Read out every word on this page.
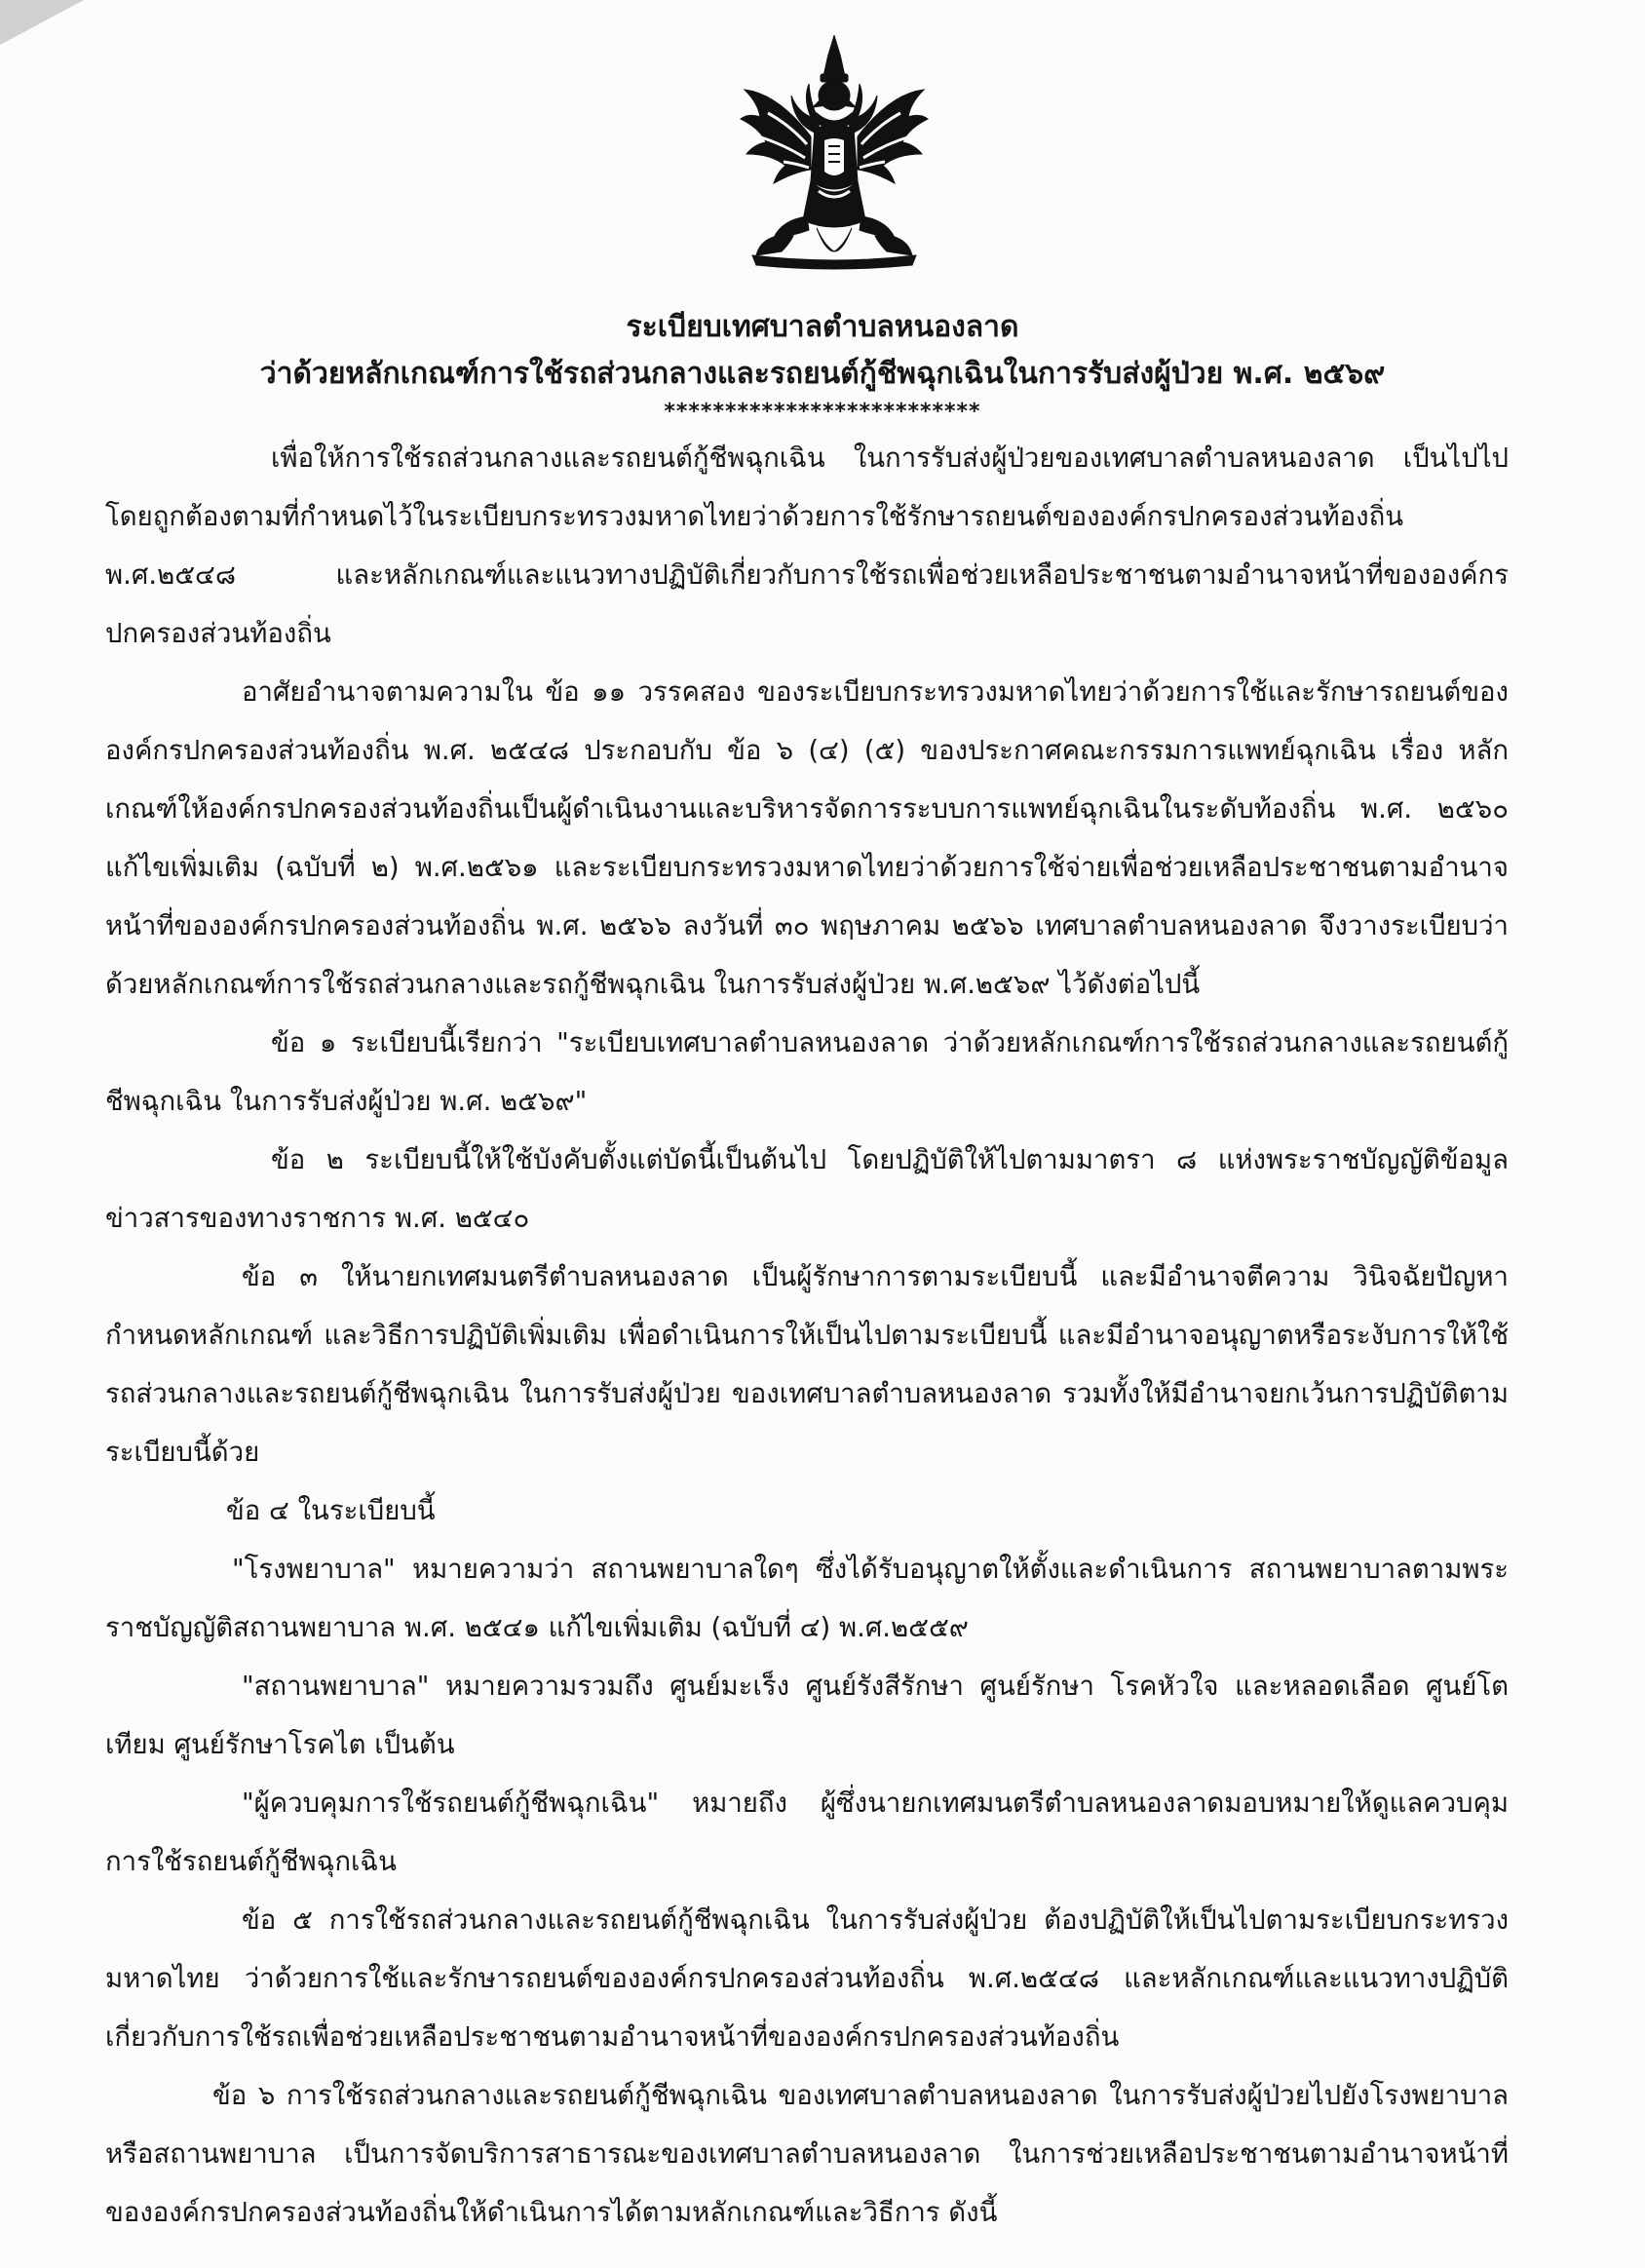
ระเบียบเทศบาลตำบลหนองลาด
ว่าด้วยหลักเกณฑ์การใช้รถส่วนกลางและรถยนต์กู้ชีพฉุกเฉินในการรับส่งผู้ป่วย พ.ศ. ๒๕๖๙
**************************

เพื่อให้การใช้รถส่วนกลางและรถยนต์กู้ชีพฉุกเฉิน ในการรับส่งผู้ป่วยของเทศบาลตำบลหนองลาด เป็นไปไปโดยถูกต้องตามที่กำหนดไว้ในระเบียบกระทรวงมหาดไทยว่าด้วยการใช้รักษารถยนต์ขององค์กรปกครองส่วนท้องถิ่น พ.ศ.๒๕๔๘ และหลักเกณฑ์และแนวทางปฏิบัติเกี่ยวกับการใช้รถเพื่อช่วยเหลือประชาชนตามอำนาจหน้าที่ขององค์กรปกครองส่วนท้องถิ่น

อาศัยอำนาจตามความใน ข้อ ๑๑ วรรคสอง ของระเบียบกระทรวงมหาดไทยว่าด้วยการใช้และรักษารถยนต์ขององค์กรปกครองส่วนท้องถิ่น พ.ศ. ๒๕๔๘ ประกอบกับ ข้อ ๖ (๔) (๕) ของประกาศคณะกรรมการแพทย์ฉุกเฉิน เรื่อง หลักเกณฑ์ให้องค์กรปกครองส่วนท้องถิ่นเป็นผู้ดำเนินงานและบริหารจัดการระบบการแพทย์ฉุกเฉินในระดับท้องถิ่น พ.ศ. ๒๕๖๐ แก้ไขเพิ่มเติม (ฉบับที่ ๒) พ.ศ.๒๕๖๑ และระเบียบกระทรวงมหาดไทยว่าด้วยการใช้จ่ายเพื่อช่วยเหลือประชาชนตามอำนาจหน้าที่ขององค์กรปกครองส่วนท้องถิ่น พ.ศ. ๒๕๖๖ ลงวันที่ ๓๐ พฤษภาคม ๒๕๖๖ เทศบาลตำบลหนองลาด จึงวางระเบียบว่าด้วยหลักเกณฑ์การใช้รถส่วนกลางและรถกู้ชีพฉุกเฉิน ในการรับส่งผู้ป่วย พ.ศ.๒๕๖๙ ไว้ดังต่อไปนี้

ข้อ ๑ ระเบียบนี้เรียกว่า "ระเบียบเทศบาลตำบลหนองลาด ว่าด้วยหลักเกณฑ์การใช้รถส่วนกลางและรถยนต์กู้ชีพฉุกเฉิน ในการรับส่งผู้ป่วย พ.ศ. ๒๕๖๙"

ข้อ ๒ ระเบียบนี้ให้ใช้บังคับตั้งแต่บัดนี้เป็นต้นไป โดยปฏิบัติให้ไปตามมาตรา ๘ แห่งพระราชบัญญัติข้อมูลข่าวสารของทางราชการ พ.ศ. ๒๕๔๐

ข้อ ๓ ให้นายกเทศมนตรีตำบลหนองลาด เป็นผู้รักษาการตามระเบียบนี้ และมีอำนาจตีความ วินิจฉัยปัญหา กำหนดหลักเกณฑ์ และวิธีการปฏิบัติเพิ่มเติม เพื่อดำเนินการให้เป็นไปตามระเบียบนี้ และมีอำนาจอนุญาตหรือระงับการให้ใช้รถส่วนกลางและรถยนต์กู้ชีพฉุกเฉิน ในการรับส่งผู้ป่วย ของเทศบาลตำบลหนองลาด รวมทั้งให้มีอำนาจยกเว้นการปฏิบัติตามระเบียบนี้ด้วย

ข้อ ๔ ในระเบียบนี้

"โรงพยาบาล" หมายความว่า สถานพยาบาลใดๆ ซึ่งได้รับอนุญาตให้ตั้งและดำเนินการ สถานพยาบาลตามพระราชบัญญัติสถานพยาบาล พ.ศ. ๒๕๔๑ แก้ไขเพิ่มเติม (ฉบับที่ ๔) พ.ศ.๒๕๕๙

"สถานพยาบาล" หมายความรวมถึง ศูนย์มะเร็ง ศูนย์รังสีรักษา ศูนย์รักษา โรคหัวใจ และหลอดเลือด ศูนย์โตเทียม ศูนย์รักษาโรคไต เป็นต้น

"ผู้ควบคุมการใช้รถยนต์กู้ชีพฉุกเฉิน" หมายถึง ผู้ซึ่งนายกเทศมนตรีตำบลหนองลาดมอบหมายให้ดูแลควบคุม การใช้รถยนต์กู้ชีพฉุกเฉิน

ข้อ ๕ การใช้รถส่วนกลางและรถยนต์กู้ชีพฉุกเฉิน ในการรับส่งผู้ป่วย ต้องปฏิบัติให้เป็นไปตามระเบียบกระทรวงมหาดไทย ว่าด้วยการใช้และรักษารถยนต์ขององค์กรปกครองส่วนท้องถิ่น พ.ศ.๒๕๔๘ และหลักเกณฑ์และแนวทางปฏิบัติเกี่ยวกับการใช้รถเพื่อช่วยเหลือประชาชนตามอำนาจหน้าที่ขององค์กรปกครองส่วนท้องถิ่น

ข้อ ๖ การใช้รถส่วนกลางและรถยนต์กู้ชีพฉุกเฉิน ของเทศบาลตำบลหนองลาด ในการรับส่งผู้ป่วยไปยังโรงพยาบาลหรือสถานพยาบาล เป็นการจัดบริการสาธารณะของเทศบาลตำบลหนองลาด ในการช่วยเหลือประชาชนตามอำนาจหน้าที่ขององค์กรปกครองส่วนท้องถิ่นให้ดำเนินการได้ตามหลักเกณฑ์และวิธีการ ดังนี้
